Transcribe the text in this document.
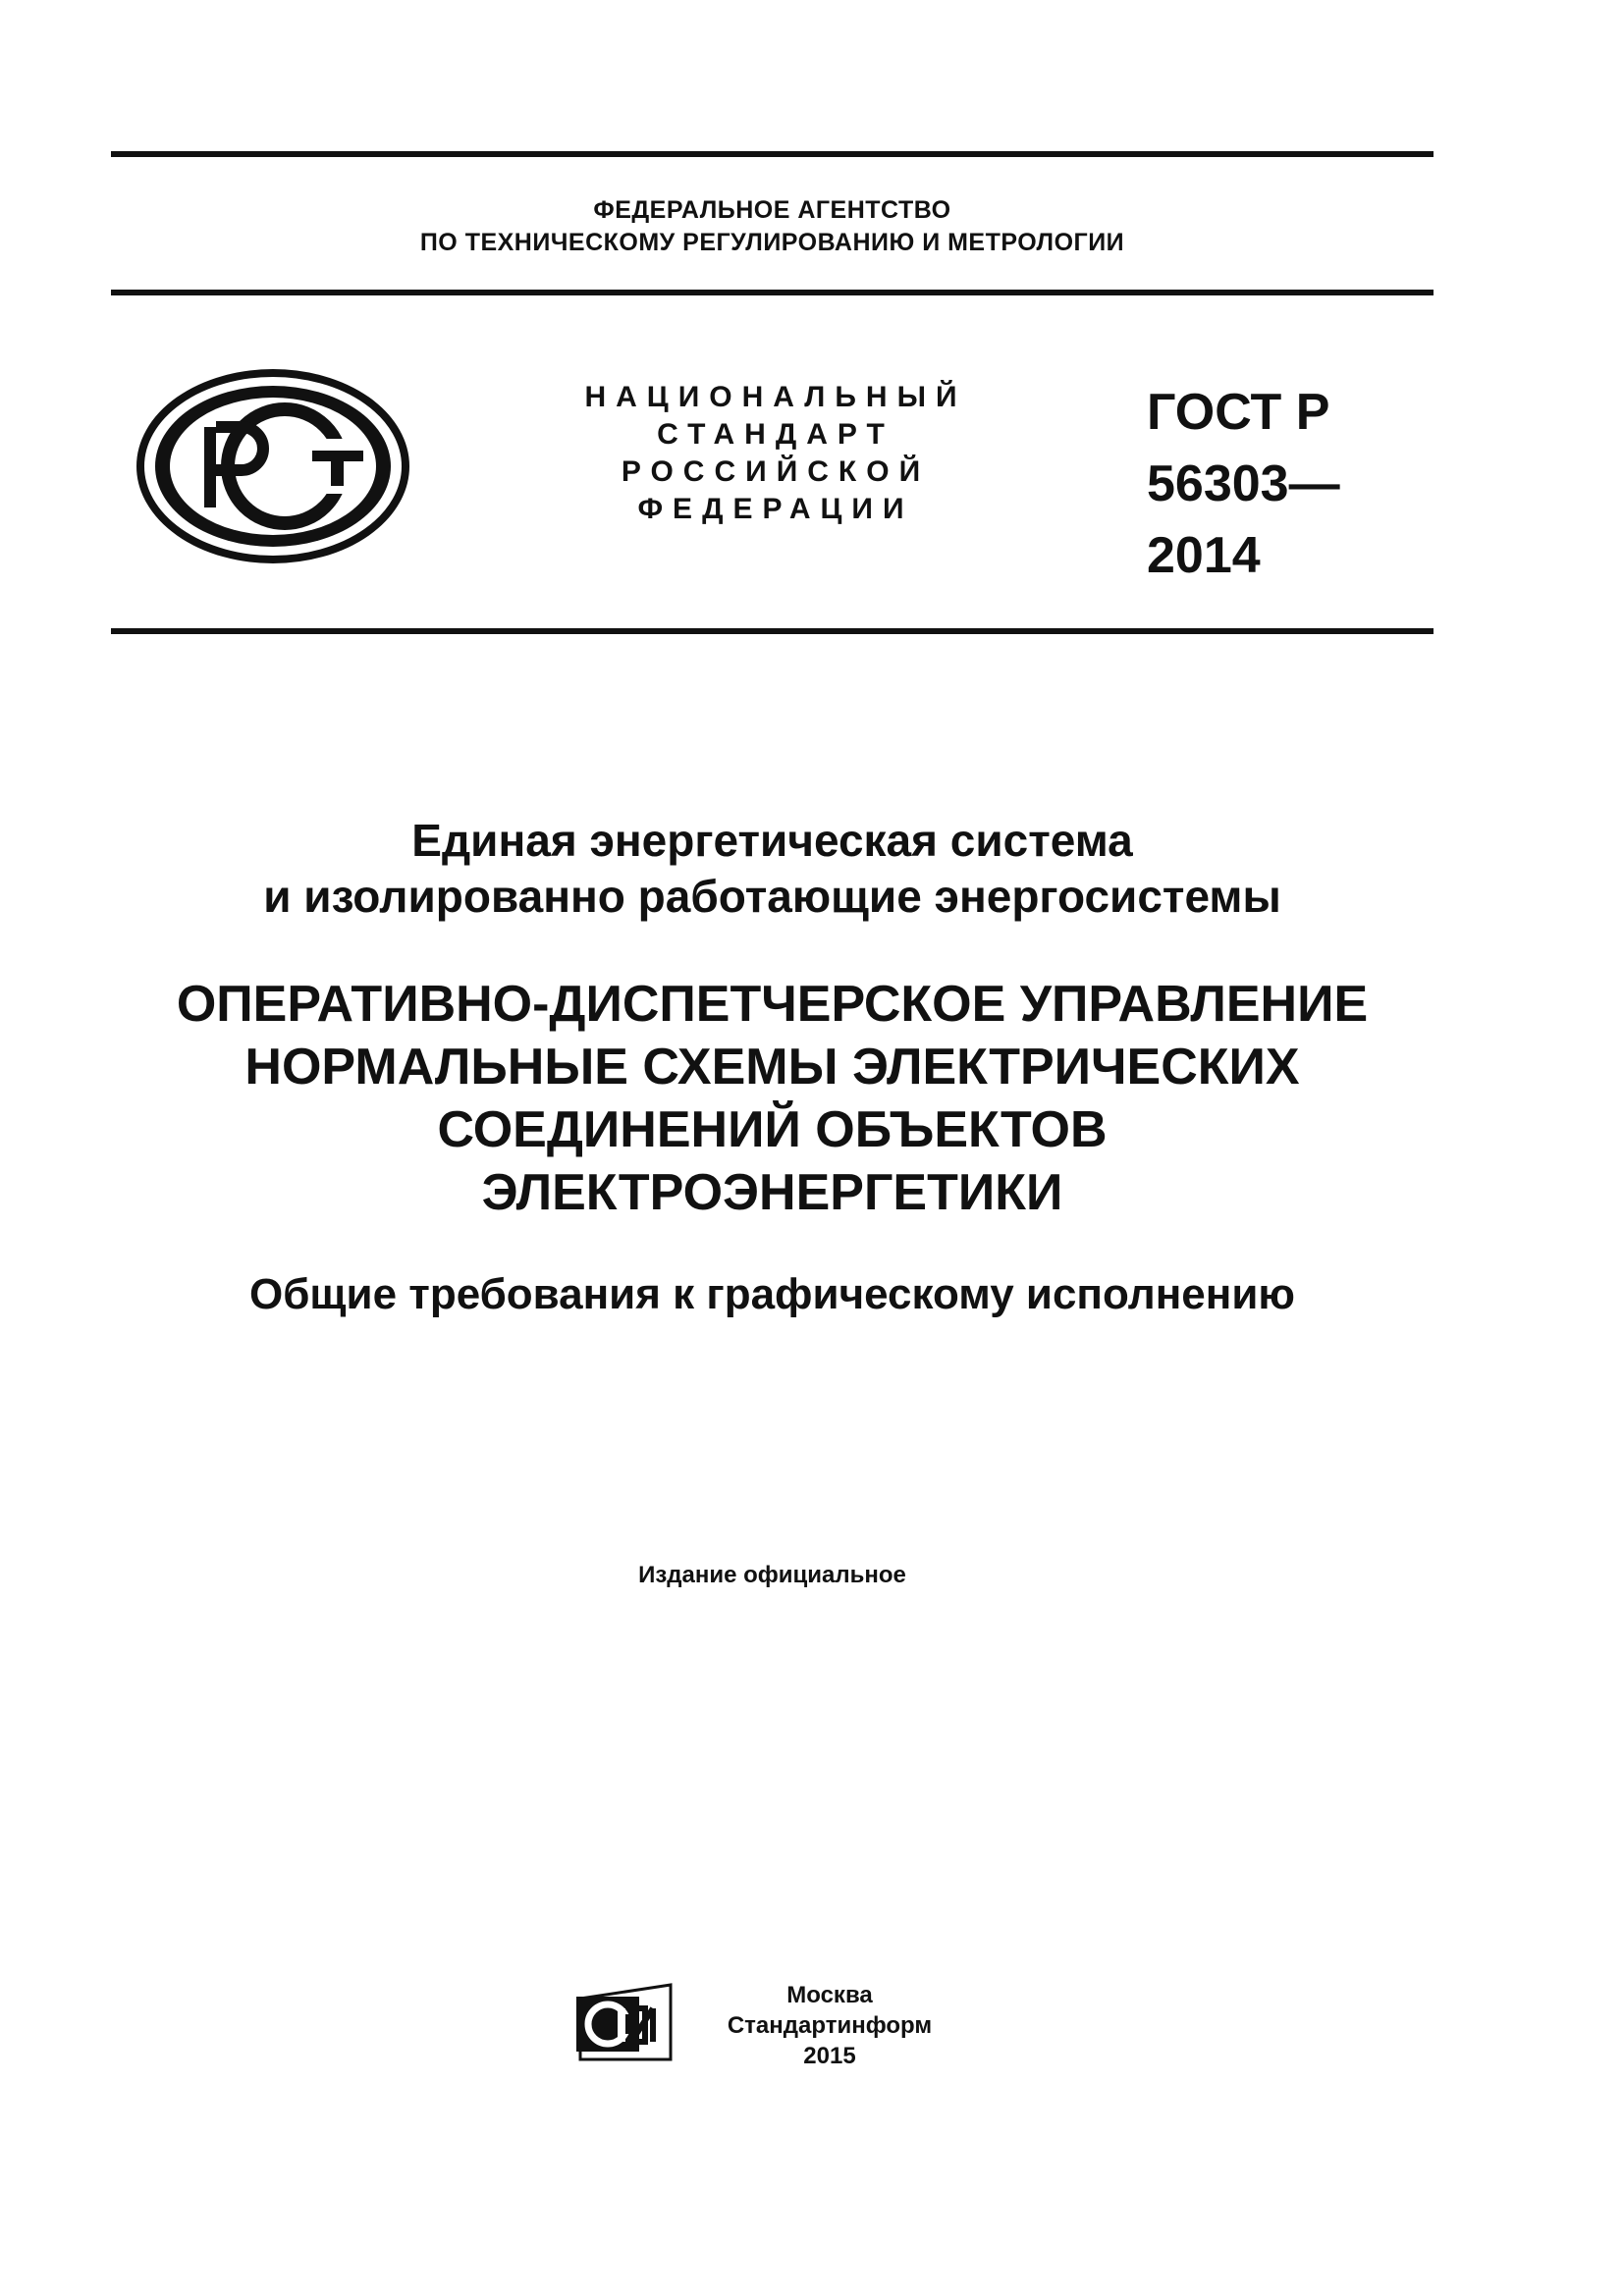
ФЕДЕРАЛЬНОЕ АГЕНТСТВО
ПО ТЕХНИЧЕСКОМУ РЕГУЛИРОВАНИЮ И МЕТРОЛОГИИ
НАЦИОНАЛЬНЫЙ
СТАНДАРТ
РОССИЙСКОЙ
ФЕДЕРАЦИИ
ГОСТ Р
56303—
2014
Единая энергетическая система
и изолированно работающие энергосистемы
ОПЕРАТИВНО-ДИСПЕТЧЕРСКОЕ УПРАВЛЕНИЕ
НОРМАЛЬНЫЕ СХЕМЫ ЭЛЕКТРИЧЕСКИХ
СОЕДИНЕНИЙ ОБЪЕКТОВ
ЭЛЕКТРОЭНЕРГЕТИКИ
Общие требования к графическому исполнению
Издание официальное
Москва
Стандартинформ
2015
